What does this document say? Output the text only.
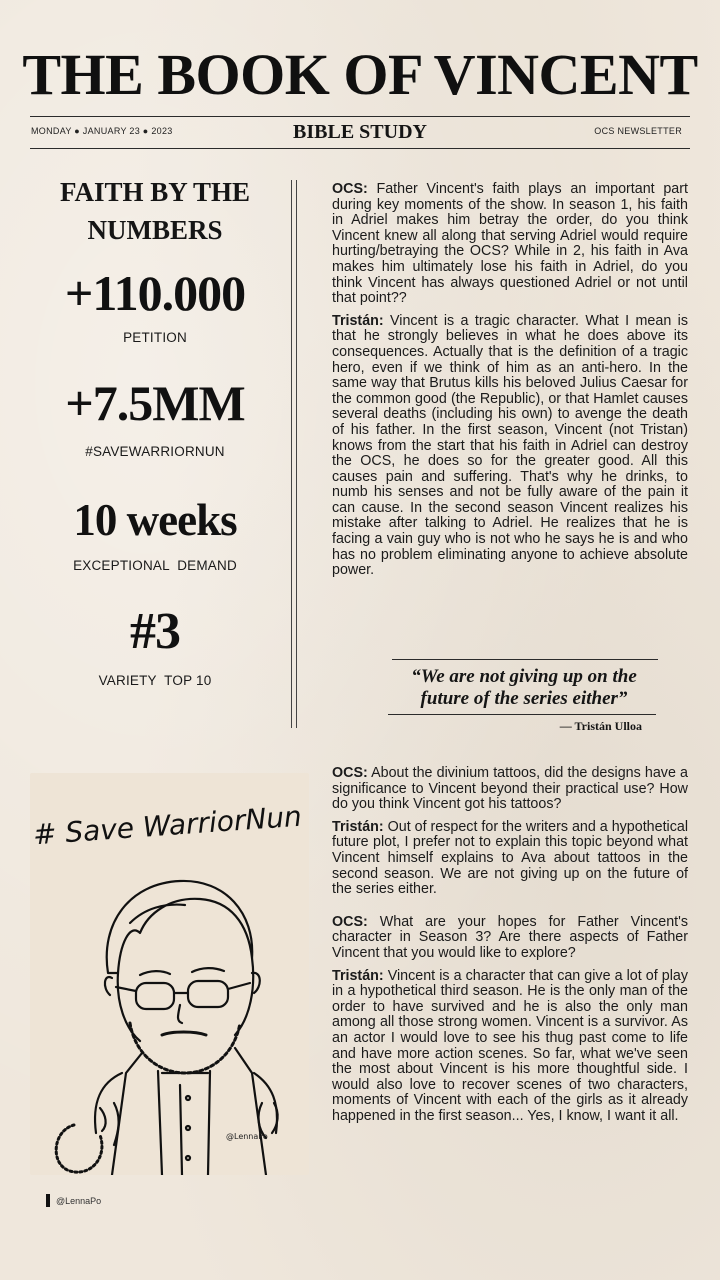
THE BOOK OF VINCENT
MONDAY ● JANUARY 23 ● 2023	BIBLE STUDY	OCS NEWSLETTER
FAITH BY THE
NUMBERS
+110.000
PETITION
+7.5MM
#SAVEWARRIORNUN
10 weeks
EXCEPTIONAL  DEMAND
#3
VARIETY  TOP 10

OCS: Father Vincent's faith plays an important part during key moments of the show. In season 1, his faith in Adriel makes him betray the order, do you think Vincent knew all along that serving Adriel would require hurting/betraying the OCS? While in 2, his faith in Ava makes him ultimately lose his faith in Adriel, do you think Vincent has always questioned Adriel or not until that point??

Tristán: Vincent is a tragic character. What I mean is that he strongly believes in what he does above its consequences. Actually that is the definition of a tragic hero, even if we think of him as an anti-hero. In the same way that Brutus kills his beloved Julius Caesar for the common good (the Republic), or that Hamlet causes several deaths (including his own) to avenge the death of his father. In the first season, Vincent (not Tristan) knows from the start that his faith in Adriel can destroy the OCS, he does so for the greater good. All this causes pain and suffering. That's why he drinks, to numb his senses and not be fully aware of the pain it can cause. In the second season Vincent realizes his mistake after talking to Adriel. He realizes that he is facing a vain guy who is not who he says he is and who has no problem eliminating anyone to achieve absolute power.

“We are not giving up on the
future of the series either”
— Tristán Ulloa

OCS: About the divinium tattoos, did the designs have a significance to Vincent beyond their practical use? How do you think Vincent got his tattoos?

Tristán: Out of respect for the writers and a hypothetical future plot, I prefer not to explain this topic beyond what Vincent himself explains to Ava about tattoos in the second season. We are not giving up on the future of the series either.

OCS: What are your hopes for Father Vincent's character in Season 3? Are there aspects of Father Vincent that you would like to explore?

Tristán: Vincent is a character that can give a lot of play in a hypothetical third season. He is the only man of the order to have survived and he is also the only man among all those strong women. Vincent is a survivor. As an actor I would love to see his thug past come to life and have more action scenes. So far, what we've seen the most about Vincent is his more thoughtful side. I would also love to recover scenes of two characters, moments of Vincent with each of the girls as it already happened in the first season... Yes, I know, I want it all.

# Save WarriorNun
@LennaPo
@LennaPo
